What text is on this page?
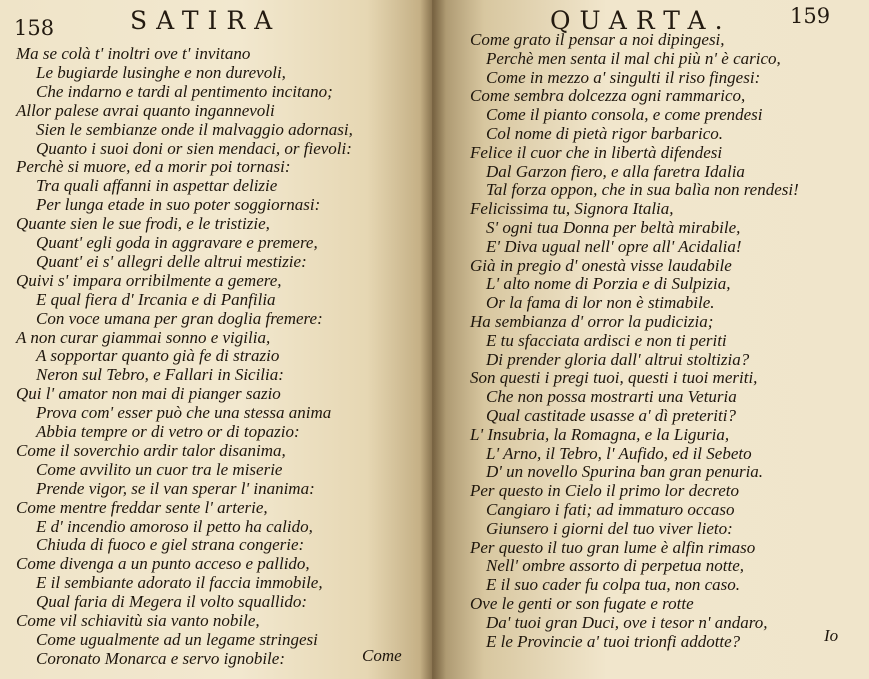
158	SATIRA
Ma se colà t' inoltri ove t' invitano
Le bugiarde lusinghe e non durevoli,
Che indarno e tardi al pentimento incitano;
Allor palese avrai quanto ingannevoli
Sien le sembianze onde il malvaggio adornasi,
Quanto i suoi doni or sien mendaci, or fievoli:
Perchè si muore, ed a morir poi tornasi:
Tra quali affanni in aspettar delizie
Per lunga etade in suo poter soggiornasi:
Quante sien le sue frodi, e le tristizie,
Quant' egli goda in aggravare e premere,
Quant' ei s' allegri delle altrui mestizie:
Quivi s' impara orribilmente a gemere,
E qual fiera d' Ircania e di Panfilia
Con voce umana per gran doglia fremere:
A non curar giammai sonno e vigilia,
A sopportar quanto già fe di strazio
Neron sul Tebro, e Fallari in Sicilia:
Qui l' amator non mai di pianger sazio
Prova com' esser può che una stessa anima
Abbia tempre or di vetro or di topazio:
Come il soverchio ardir talor disanima,
Come avvilito un cuor tra le miserie
Prende vigor, se il van sperar l' inanima:
Come mentre freddar sente l' arterie,
E d' incendio amoroso il petto ha calido,
Chiuda di fuoco e giel strana congerie:
Come divenga a un punto acceso e pallido,
E il sembiante adorato il faccia immobile,
Qual faria di Megera il volto squallido:
Come vil schiavitù sia vanto nobile,
Come ugualmente ad un legame stringesi
Coronato Monarca e servo ignobile:	Come
QUARTA.	159
Come grato il pensar a noi dipingesi,
Perchè men senta il mal chi più n' è carico,
Come in mezzo a' singulti il riso fingesi:
Come sembra dolcezza ogni rammarico,
Come il pianto consola, e come prendesi
Col nome di pietà rigor barbarico.
Felice il cuor che in libertà difendesi
Dal Garzon fiero, e alla faretra Idalia
Tal forza oppon, che in sua balìa non rendesi!
Felicissima tu, Signora Italia,
S' ogni tua Donna per beltà mirabile,
E' Diva ugual nell' opre all' Acidalia!
Già in pregio d' onestà visse laudabile
L' alto nome di Porzia e di Sulpizia,
Or la fama di lor non è stimabile.
Ha sembianza d' orror la pudicizia;
E tu sfacciata ardisci e non ti periti
Di prender gloria dall' altrui stoltizia?
Son questi i pregi tuoi, questi i tuoi meriti,
Che non possa mostrarti una Veturia
Qual castitade usasse a' dì preteriti?
L' Insubria, la Romagna, e la Liguria,
L' Arno, il Tebro, l' Aufido, ed il Sebeto
D' un novello Spurina ban gran penuria.
Per questo in Cielo il primo lor decreto
Cangiaro i fati; ad immaturo occaso
Giunsero i giorni del tuo viver lieto:
Per questo il tuo gran lume è alfin rimaso
Nell' ombre assorto di perpetua notte,
E il suo cader fu colpa tua, non caso.
Ove le genti or son fugate e rotte
Da' tuoi gran Duci, ove i tesor n' andaro,
E le Provincie a' tuoi trionfi addotte?	Io
